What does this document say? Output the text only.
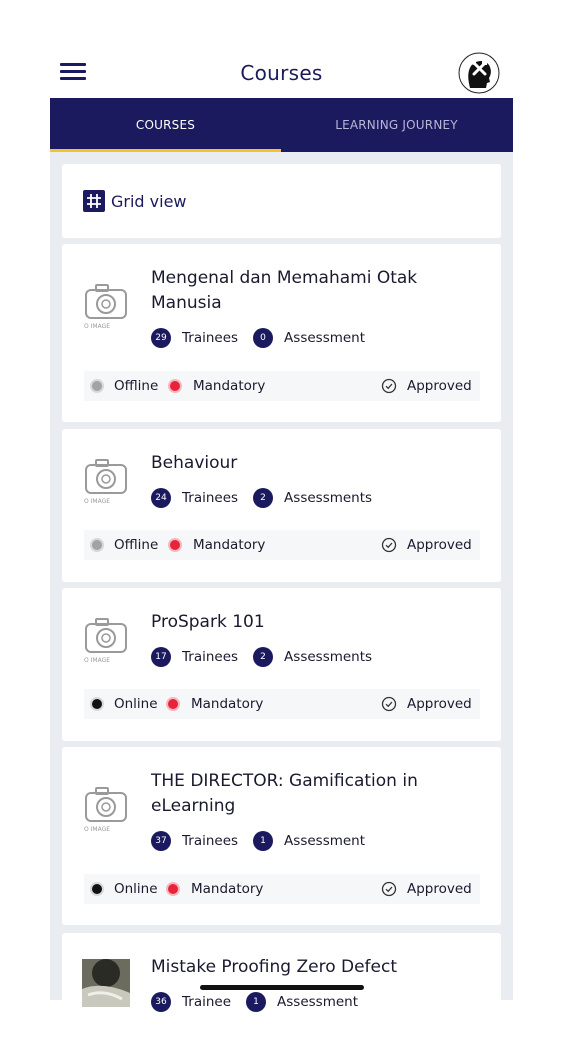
Courses
COURSES	LEARNING JOURNEY
Grid view
O IMAGE
Mengenal dan Memahami Otak Manusia
29	Trainees	0	Assessment
Offline	Mandatory	Approved
O IMAGE
Behaviour
24	Trainees	2	Assessments
Offline	Mandatory	Approved
O IMAGE
ProSpark 101
17	Trainees	2	Assessments
Online Mandatory	Approved
O IMAGE
THE DIRECTOR: Gamification in eLearning
37	Trainees	1	Assessment
Online Mandatory	Approved
Mistake Proofing Zero Defect
36	Trainee	1	Assessment
